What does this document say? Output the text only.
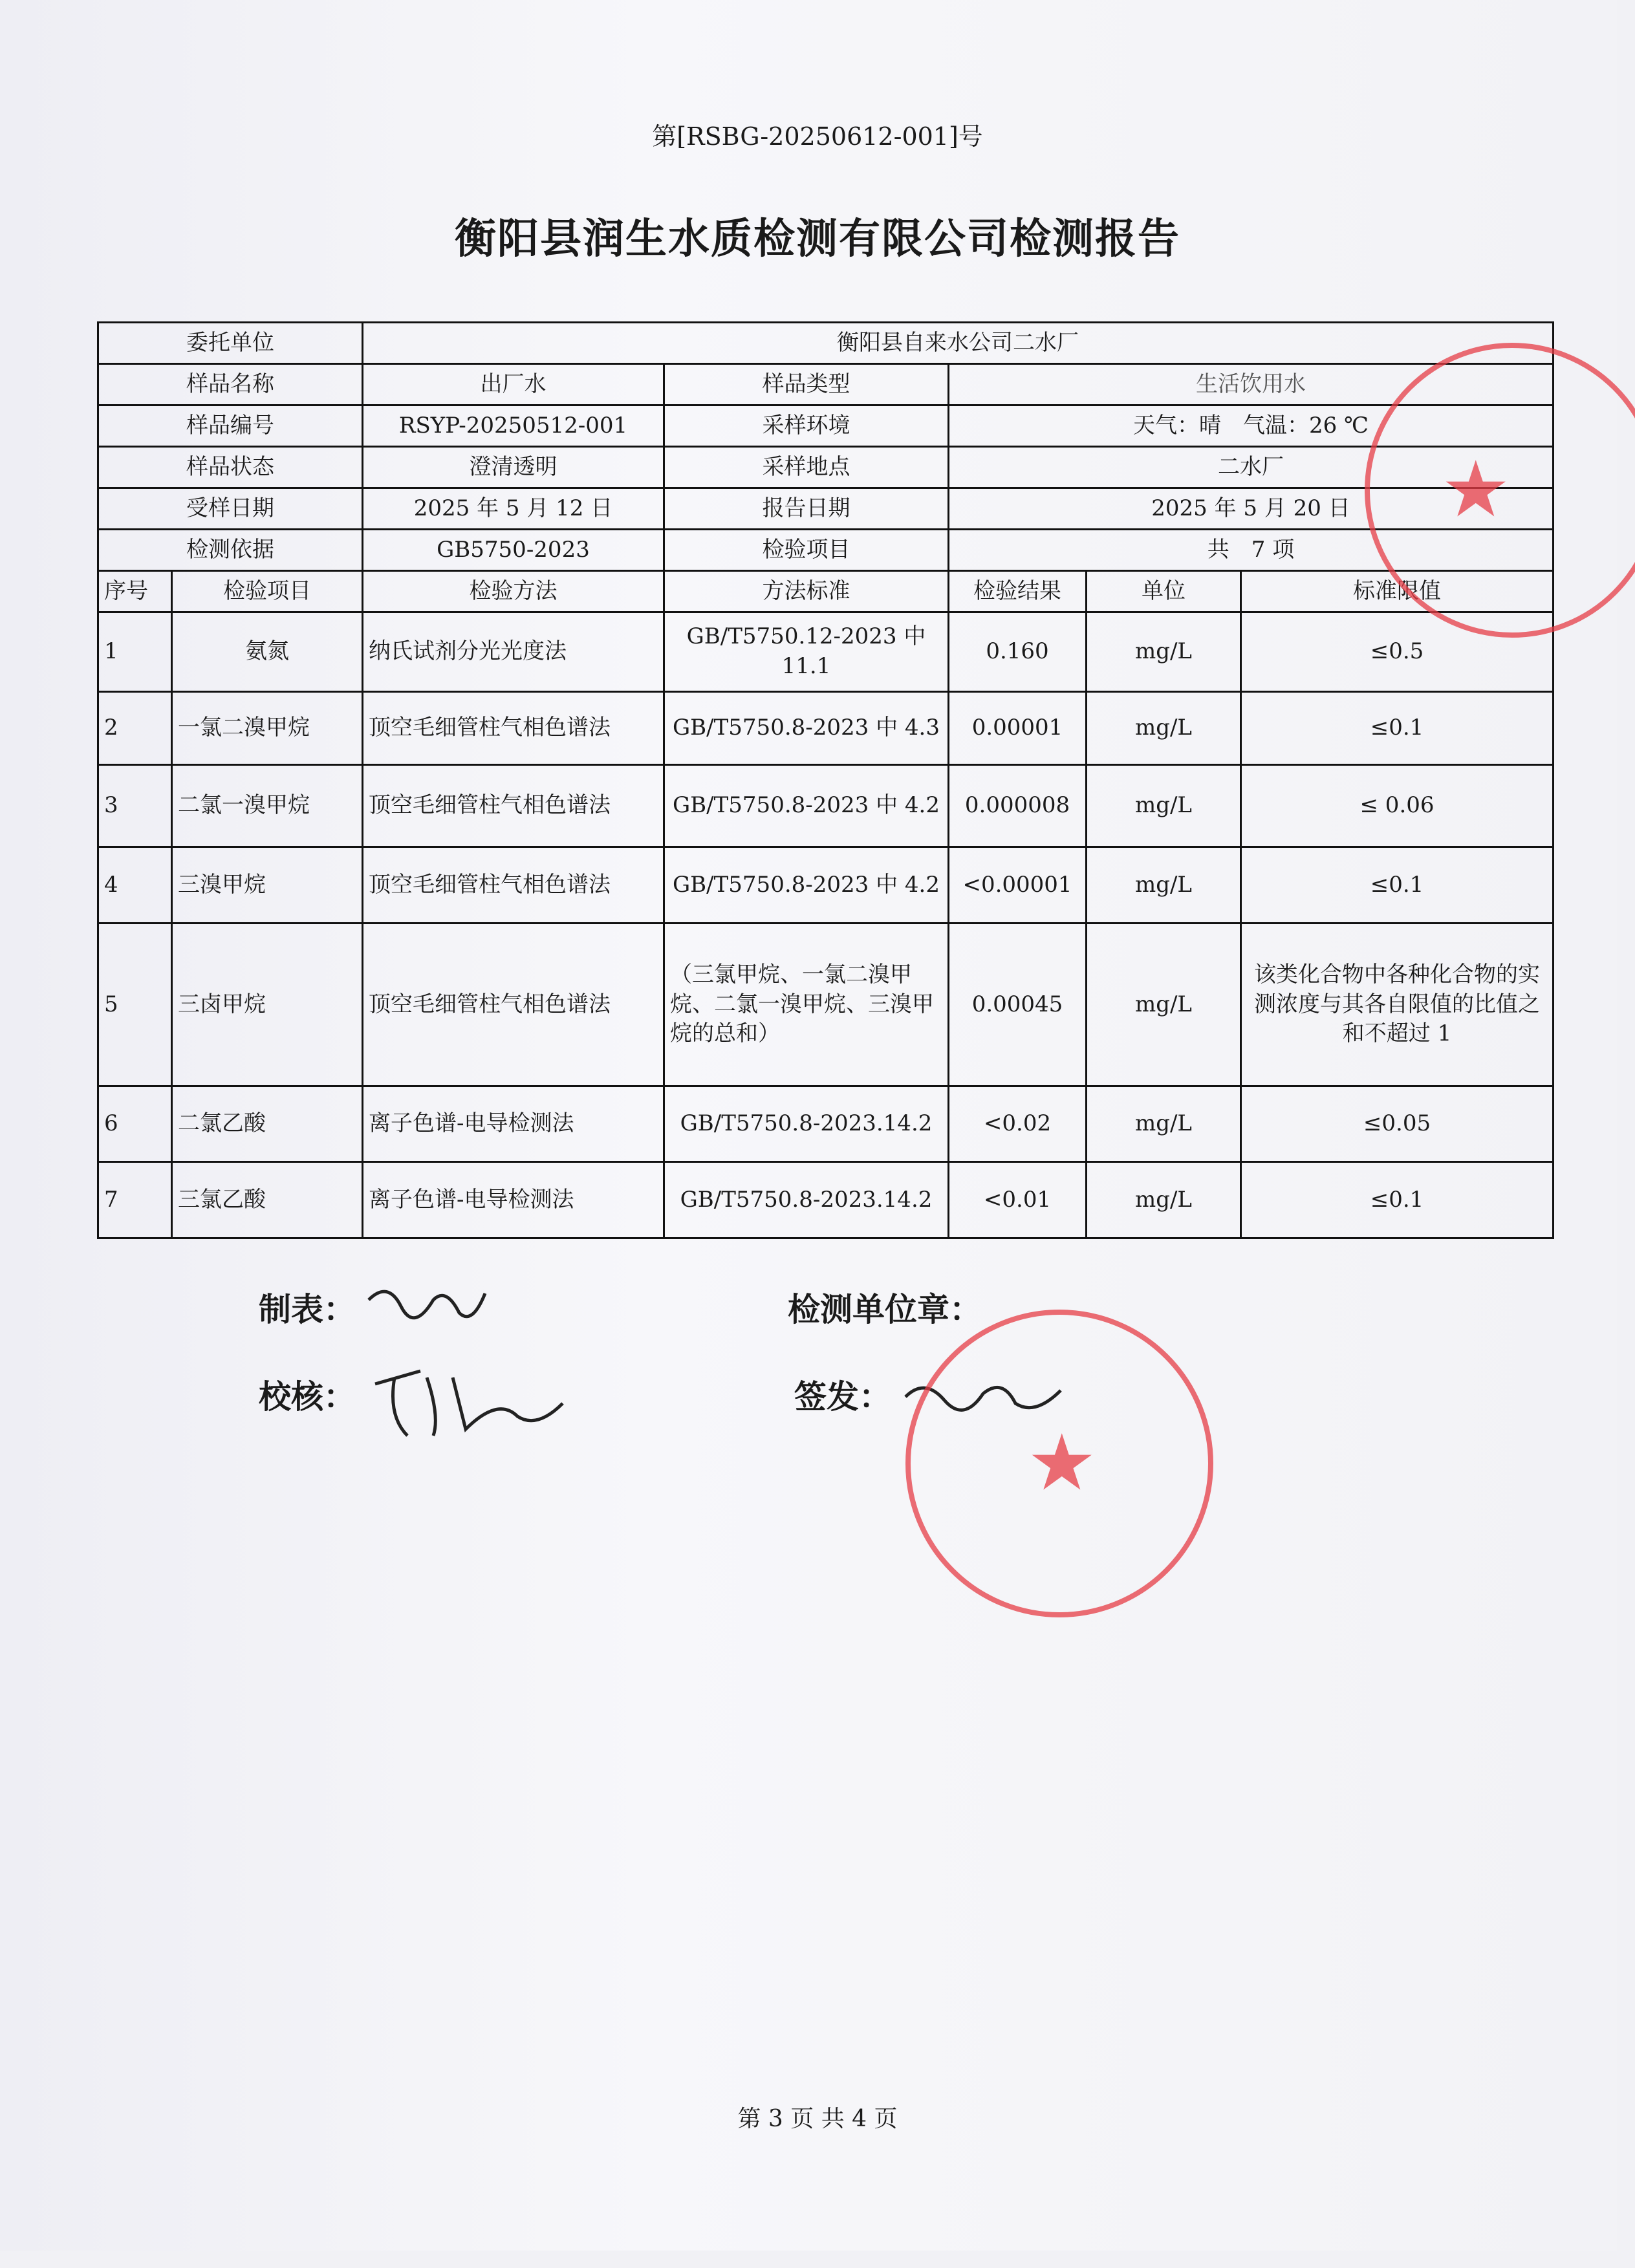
第[RSBG-20250612-001]号
衡阳县润生水质检测有限公司检测报告
委托单位		衡阳县自来水公司二水厂				
样品名称		出厂水	样品类型	生活饮用水		
样品编号		RSYP-20250512-001	采样环境	天气：晴　气温：26 ℃		
样品状态		澄清透明	采样地点	二水厂		
受样日期		2025 年 5 月 12 日	报告日期	2025 年 5 月 20 日		
检测依据		GB5750-2023	检验项目	共　7 项		
序号	检验项目	检验方法	方法标准	检验结果	单位	标准限值
1	氨氮	纳氏试剂分光光度法	GB/T5750.12-2023 中 11.1	0.160	mg/L	≤0.5
2	一氯二溴甲烷	顶空毛细管柱气相色谱法	GB/T5750.8-2023 中 4.3	0.00001	mg/L	≤0.1
3	二氯一溴甲烷	顶空毛细管柱气相色谱法	GB/T5750.8-2023 中 4.2	0.000008	mg/L	≤ 0.06
4	三溴甲烷	顶空毛细管柱气相色谱法	GB/T5750.8-2023 中 4.2	<0.00001	mg/L	≤0.1
5	三卤甲烷	顶空毛细管柱气相色谱法	（三氯甲烷、一氯二溴甲烷、二氯一溴甲烷、三溴甲烷的总和）	0.00045	mg/L	该类化合物中各种化合物的实测浓度与其各自限值的比值之和不超过 1
6	二氯乙酸	离子色谱-电导检测法	GB/T5750.8-2023.14.2	<0.02	mg/L	≤0.05
7	三氯乙酸	离子色谱-电导检测法	GB/T5750.8-2023.14.2	<0.01	mg/L	≤0.1
制表：
校核：
检测单位章：
签发：
★
★
第 3 页 共 4 页
